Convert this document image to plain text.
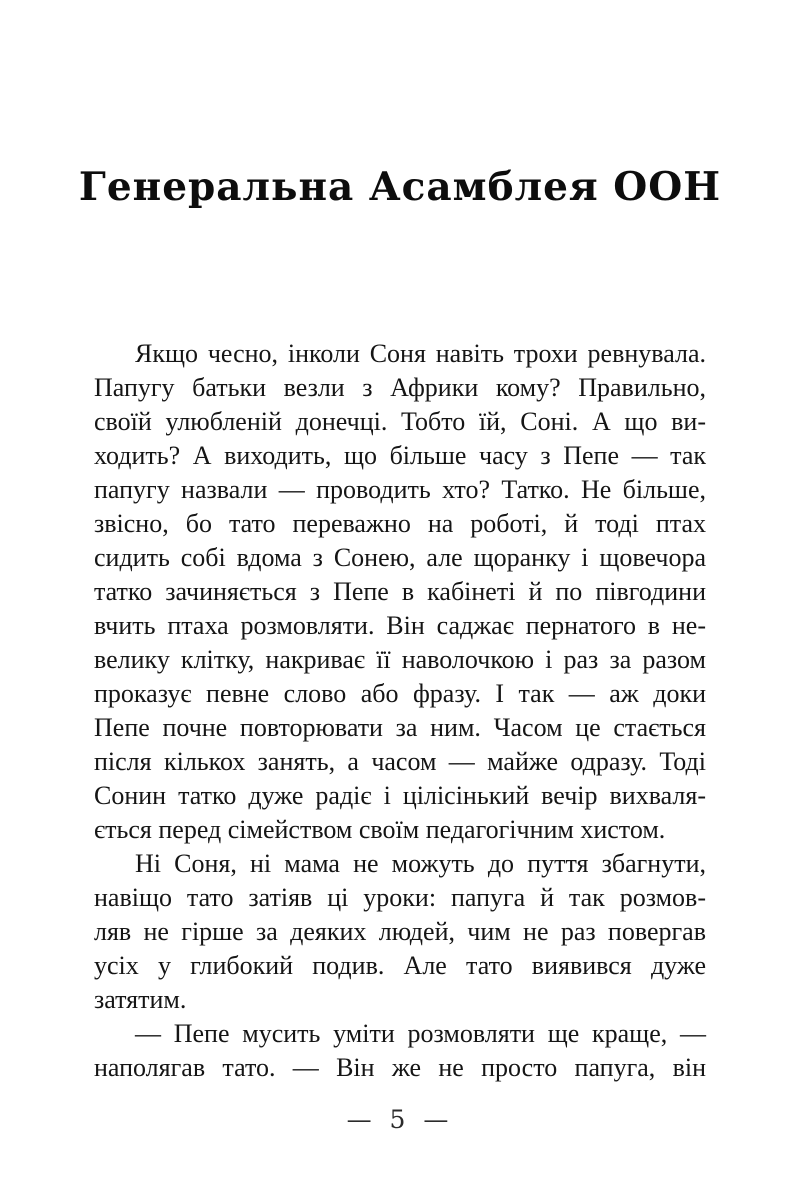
Генеральна Асамблея ООН
Якщо чесно, інколи Соня навіть трохи ревнувала.
Папугу батьки везли з Африки кому? Правильно,
своїй улюбленій донечці. Тобто їй, Соні. А що ви-
ходить? А виходить, що більше часу з Пепе — так
папугу назвали — проводить хто? Татко. Не більше,
звісно, бо тато переважно на роботі, й тоді птах
сидить собі вдома з Сонею, але щоранку і щовечора
татко зачиняється з Пепе в кабінеті й по півгодини
вчить птаха розмовляти. Він саджає пернатого в не-
велику клітку, накриває її наволочкою і раз за разом
проказує певне слово або фразу. І так — аж доки
Пепе почне повторювати за ним. Часом це стається
після кількох занять, а часом — майже одразу. Тоді
Сонин татко дуже радіє і цілісінький вечір вихваля-
ється перед сімейством своїм педагогічним хистом.
Ні Соня, ні мама не можуть до пуття збагнути,
навіщо тато затіяв ці уроки: папуга й так розмов-
ляв не гірше за деяких людей, чим не раз повергав
усіх у глибокий подив. Але тато виявився дуже
затятим.
— Пепе мусить уміти розмовляти ще краще, —
наполягав тато. — Він же не просто папуга, він
— 5 —
